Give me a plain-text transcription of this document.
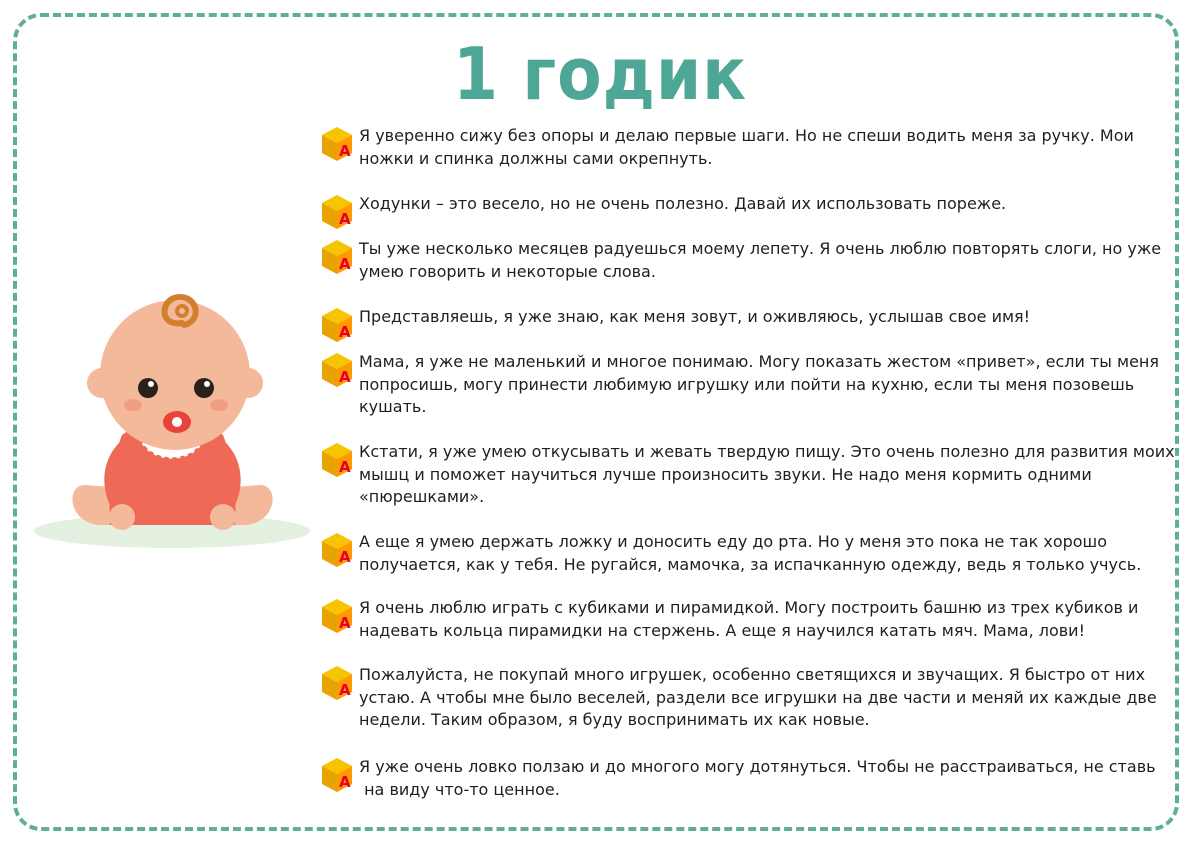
1 годик
А
Я уверенно сижу без опоры и делаю первые шаги. Но не спеши водить меня за ручку. Мои
ножки и спинка должны сами окрепнуть.
А
Ходунки – это весело, но не очень полезно. Давай их использовать пореже.
А
Ты уже несколько месяцев радуешься моему лепету. Я очень люблю повторять слоги, но уже
умею говорить и некоторые слова.
А
Представляешь, я уже знаю, как меня зовут, и оживляюсь, услышав свое имя!
А
Мама, я уже не маленький и многое понимаю. Могу показать жестом «привет», если ты меня
попросишь, могу принести любимую игрушку или пойти на кухню, если ты меня позовешь
кушать.
А
Кстати, я уже умею откусывать и жевать твердую пищу. Это очень полезно для развития моих
мышц и поможет научиться лучше произносить звуки. Не надо меня кормить одними
«пюрешками».
А
А еще я умею держать ложку и доносить еду до рта. Но у меня это пока не так хорошо
получается, как у тебя. Не ругайся, мамочка, за испачканную одежду, ведь я только учусь.
А
Я очень люблю играть с кубиками и пирамидкой. Могу построить башню из трех кубиков и
надевать кольца пирамидки на стержень. А еще я научился катать мяч. Мама, лови!
А
Пожалуйста, не покупай много игрушек, особенно светящихся и звучащих. Я быстро от них
устаю. А чтобы мне было веселей, раздели все игрушки на две части и меняй их каждые две
недели. Таким образом, я буду воспринимать их как новые.
А
Я уже очень ловко ползаю и до многого могу дотянуться. Чтобы не расстраиваться, не ставь
на виду что-то ценное.
